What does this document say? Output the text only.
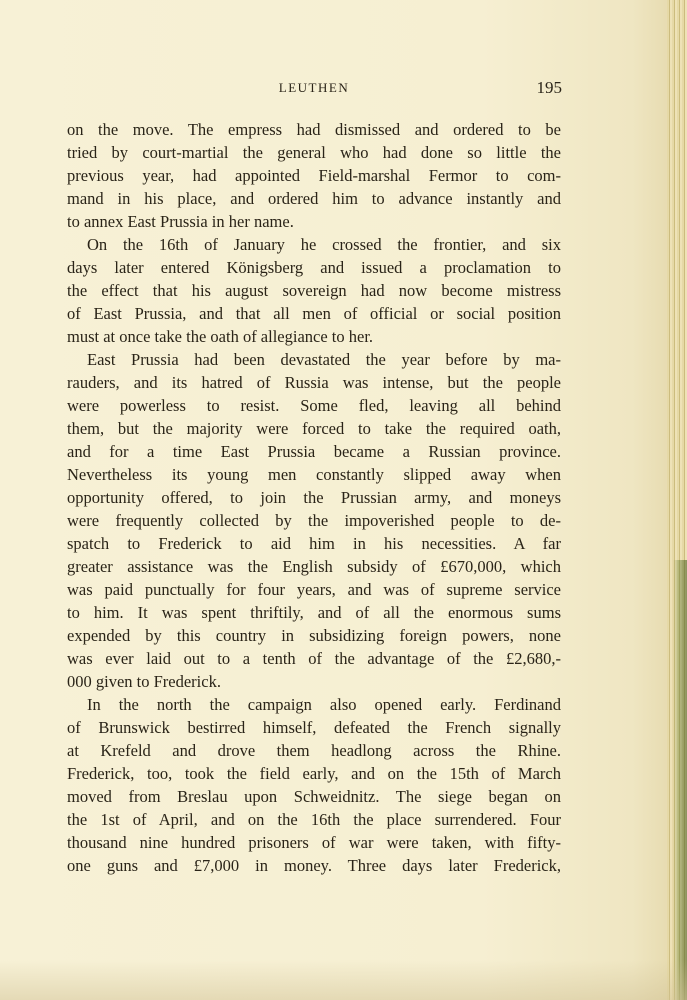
LEUTHEN	195
on the move. The empress had dismissed and ordered to be
tried by court-martial the general who had done so little the
previous year, had appointed Field-marshal Fermor to com-
mand in his place, and ordered him to advance instantly and
to annex East Prussia in her name.
On the 16th of January he crossed the frontier, and six
days later entered Königsberg and issued a proclamation to
the effect that his august sovereign had now become mistress
of East Prussia, and that all men of official or social position
must at once take the oath of allegiance to her.
East Prussia had been devastated the year before by ma-
rauders, and its hatred of Russia was intense, but the people
were powerless to resist. Some fled, leaving all behind
them, but the majority were forced to take the required oath,
and for a time East Prussia became a Russian province.
Nevertheless its young men constantly slipped away when
opportunity offered, to join the Prussian army, and moneys
were frequently collected by the impoverished people to de-
spatch to Frederick to aid him in his necessities. A far
greater assistance was the English subsidy of £670,000, which
was paid punctually for four years, and was of supreme service
to him. It was spent thriftily, and of all the enormous sums
expended by this country in subsidizing foreign powers, none
was ever laid out to a tenth of the advantage of the £2,680,-
000 given to Frederick.
In the north the campaign also opened early. Ferdinand
of Brunswick bestirred himself, defeated the French signally
at Krefeld and drove them headlong across the Rhine.
Frederick, too, took the field early, and on the 15th of March
moved from Breslau upon Schweidnitz. The siege began on
the 1st of April, and on the 16th the place surrendered. Four
thousand nine hundred prisoners of war were taken, with fifty-
one guns and £7,000 in money. Three days later Frederick,
